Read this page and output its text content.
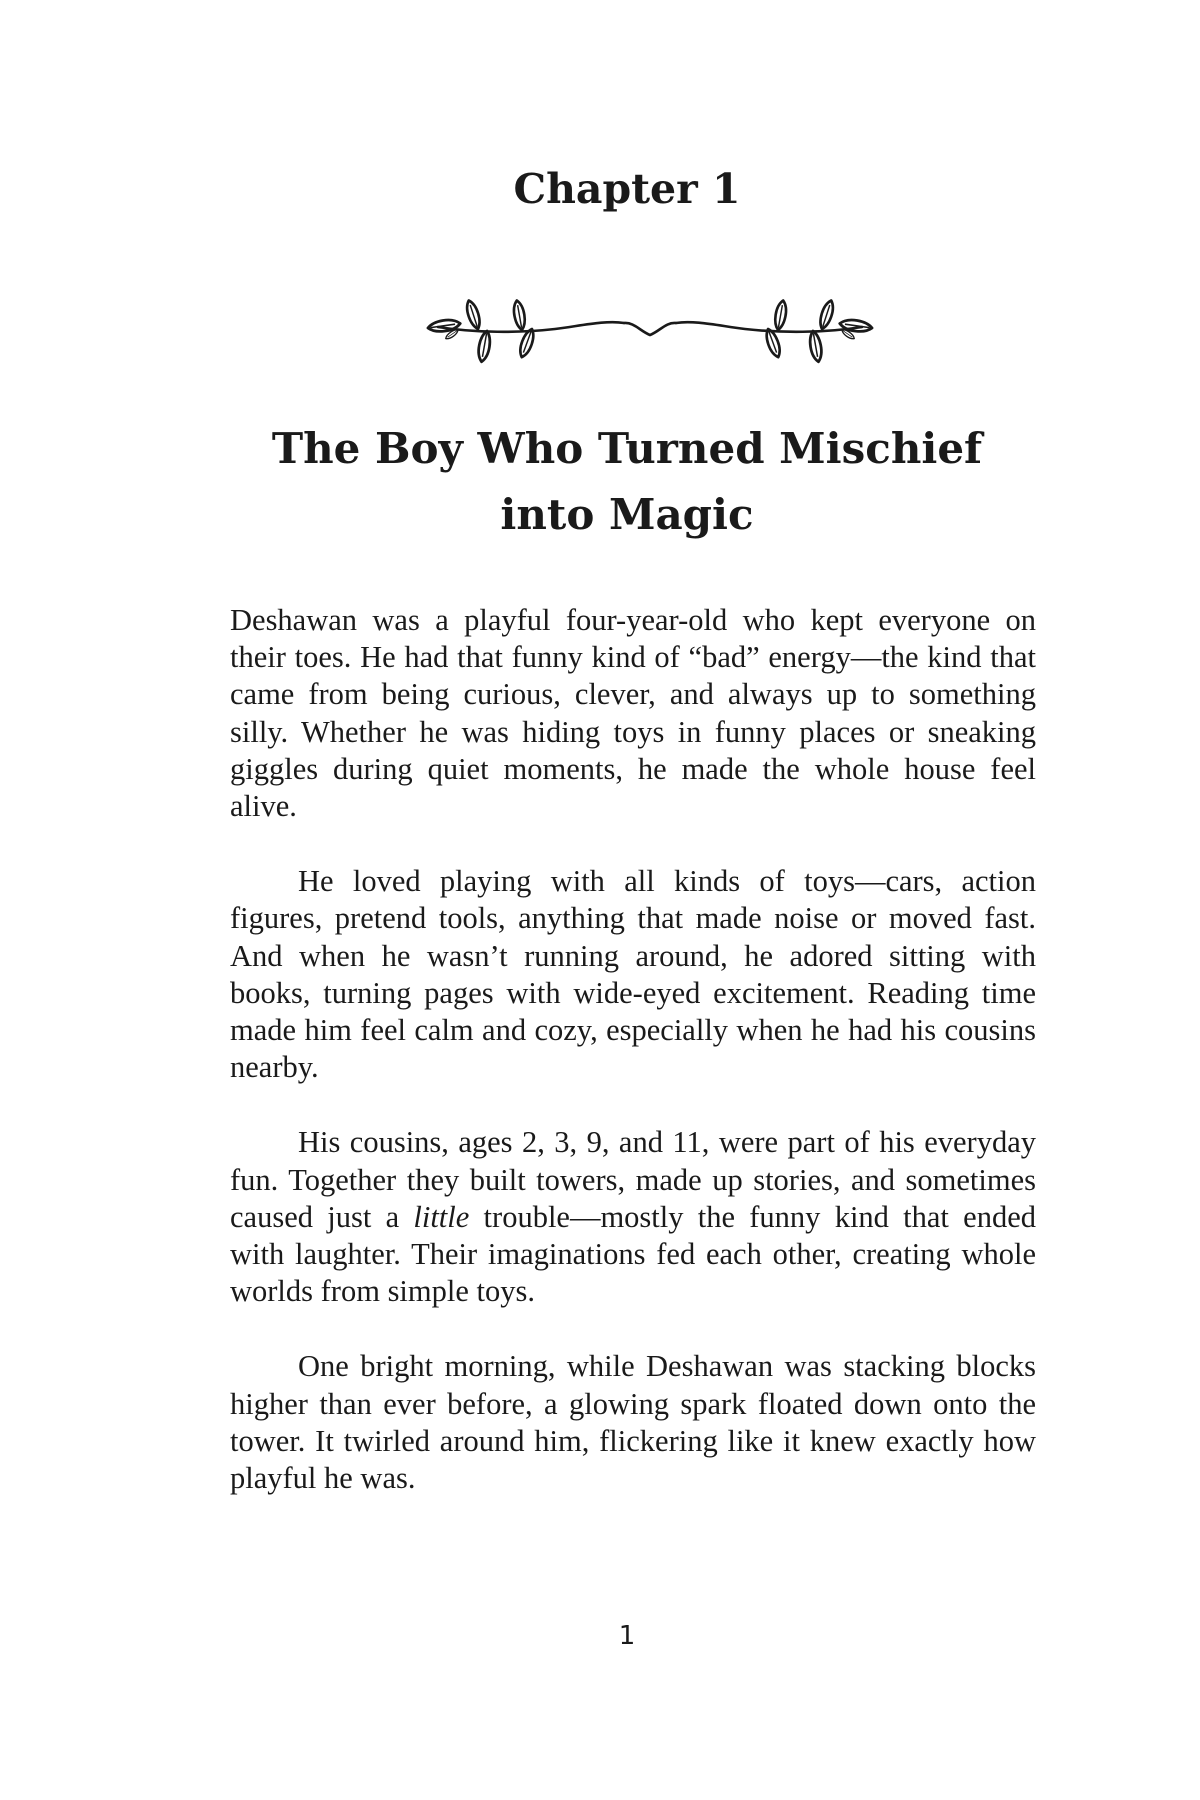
Chapter 1
The Boy Who Turned Mischief into Magic

Deshawan was a playful four-year-old who kept everyone on their toes. He had that funny kind of “bad” energy—the kind that came from being curious, clever, and always up to something silly. Whether he was hiding toys in funny places or sneaking giggles during quiet moments, he made the whole house feel alive.

He loved playing with all kinds of toys—cars, action figures, pretend tools, anything that made noise or moved fast. And when he wasn’t running around, he adored sitting with books, turning pages with wide-eyed excitement. Reading time made him feel calm and cozy, especially when he had his cousins nearby.

His cousins, ages 2, 3, 9, and 11, were part of his everyday fun. Together they built towers, made up stories, and sometimes caused just a little trouble—mostly the funny kind that ended with laughter. Their imaginations fed each other, creating whole worlds from simple toys.

One bright morning, while Deshawan was stacking blocks higher than ever before, a glowing spark floated down onto the tower. It twirled around him, flickering like it knew exactly how playful he was.

1
